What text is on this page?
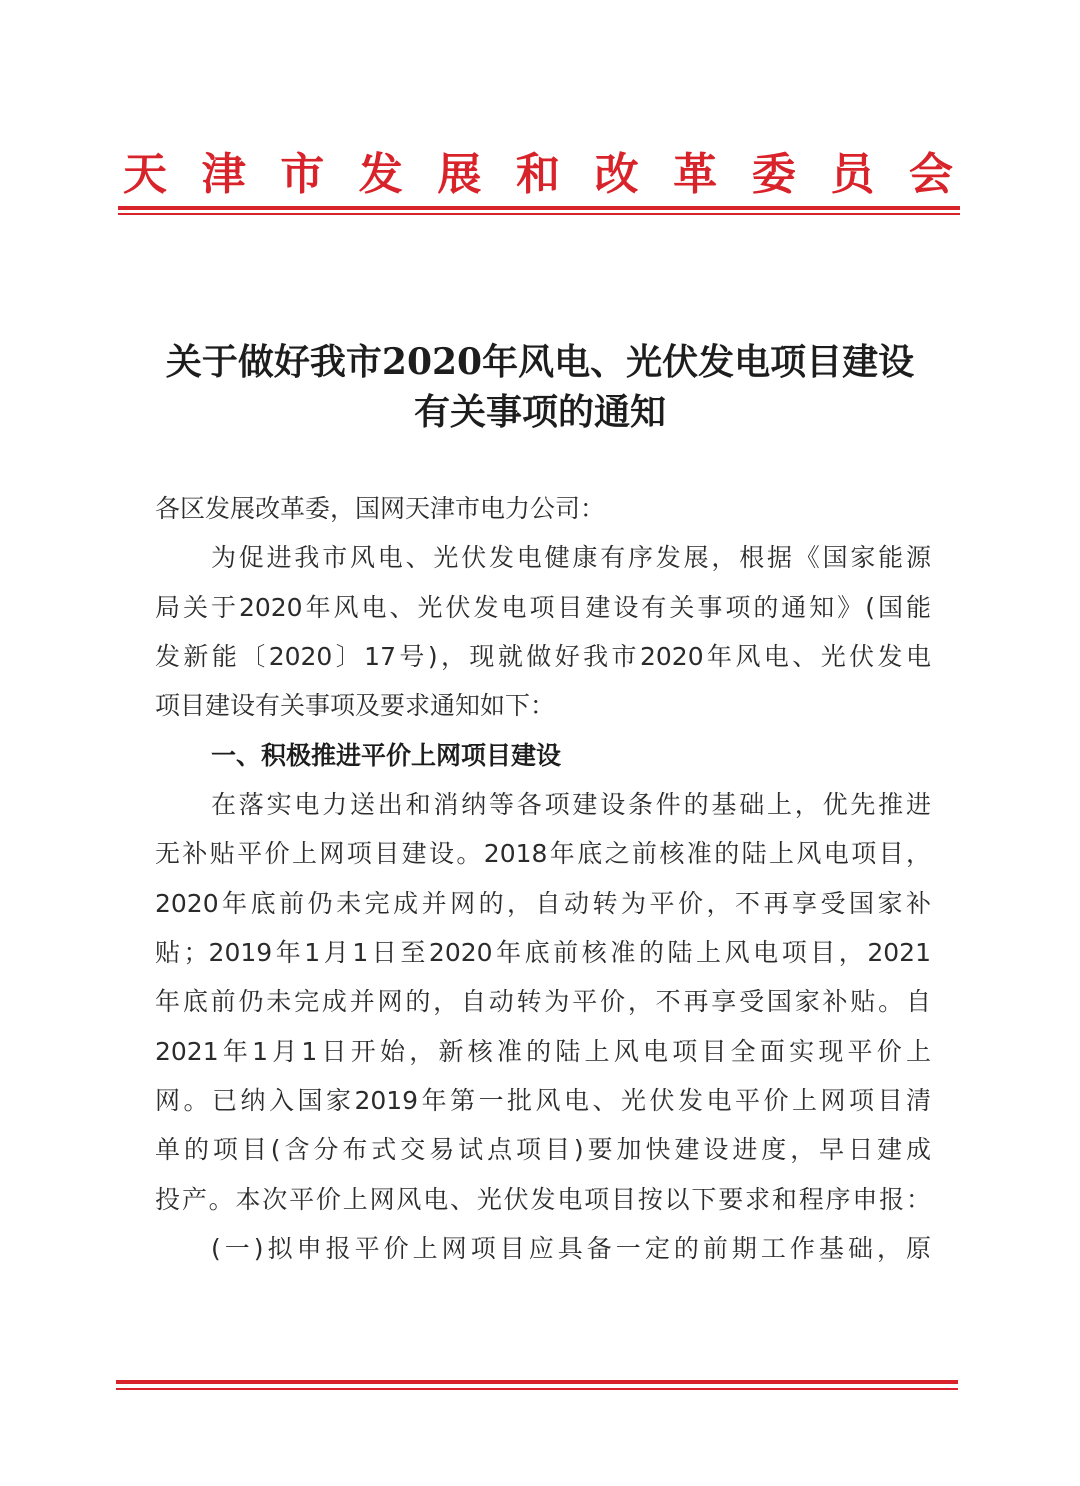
天 津 市 发 展 和 改 革 委 员 会
关于做好我市2020年风电、光伏发电项目建设
有关事项的通知
各区发展改革委，国网天津市电力公司：
为促进我市风电、光伏发电健康有序发展，根据《国家能源
局关于2020年风电、光伏发电项目建设有关事项的通知》(国能
发新能〔2020〕17号)，现就做好我市2020年风电、光伏发电
项目建设有关事项及要求通知如下：
一、积极推进平价上网项目建设
在落实电力送出和消纳等各项建设条件的基础上，优先推进
无补贴平价上网项目建设。2018年底之前核准的陆上风电项目，
2020年底前仍未完成并网的，自动转为平价，不再享受国家补
贴；2019年1月1日至2020年底前核准的陆上风电项目，2021
年底前仍未完成并网的，自动转为平价，不再享受国家补贴。自
2021年1月1日开始，新核准的陆上风电项目全面实现平价上
网。已纳入国家2019年第一批风电、光伏发电平价上网项目清
单的项目(含分布式交易试点项目)要加快建设进度，早日建成
投产。本次平价上网风电、光伏发电项目按以下要求和程序申报：
(一)拟申报平价上网项目应具备一定的前期工作基础，原
